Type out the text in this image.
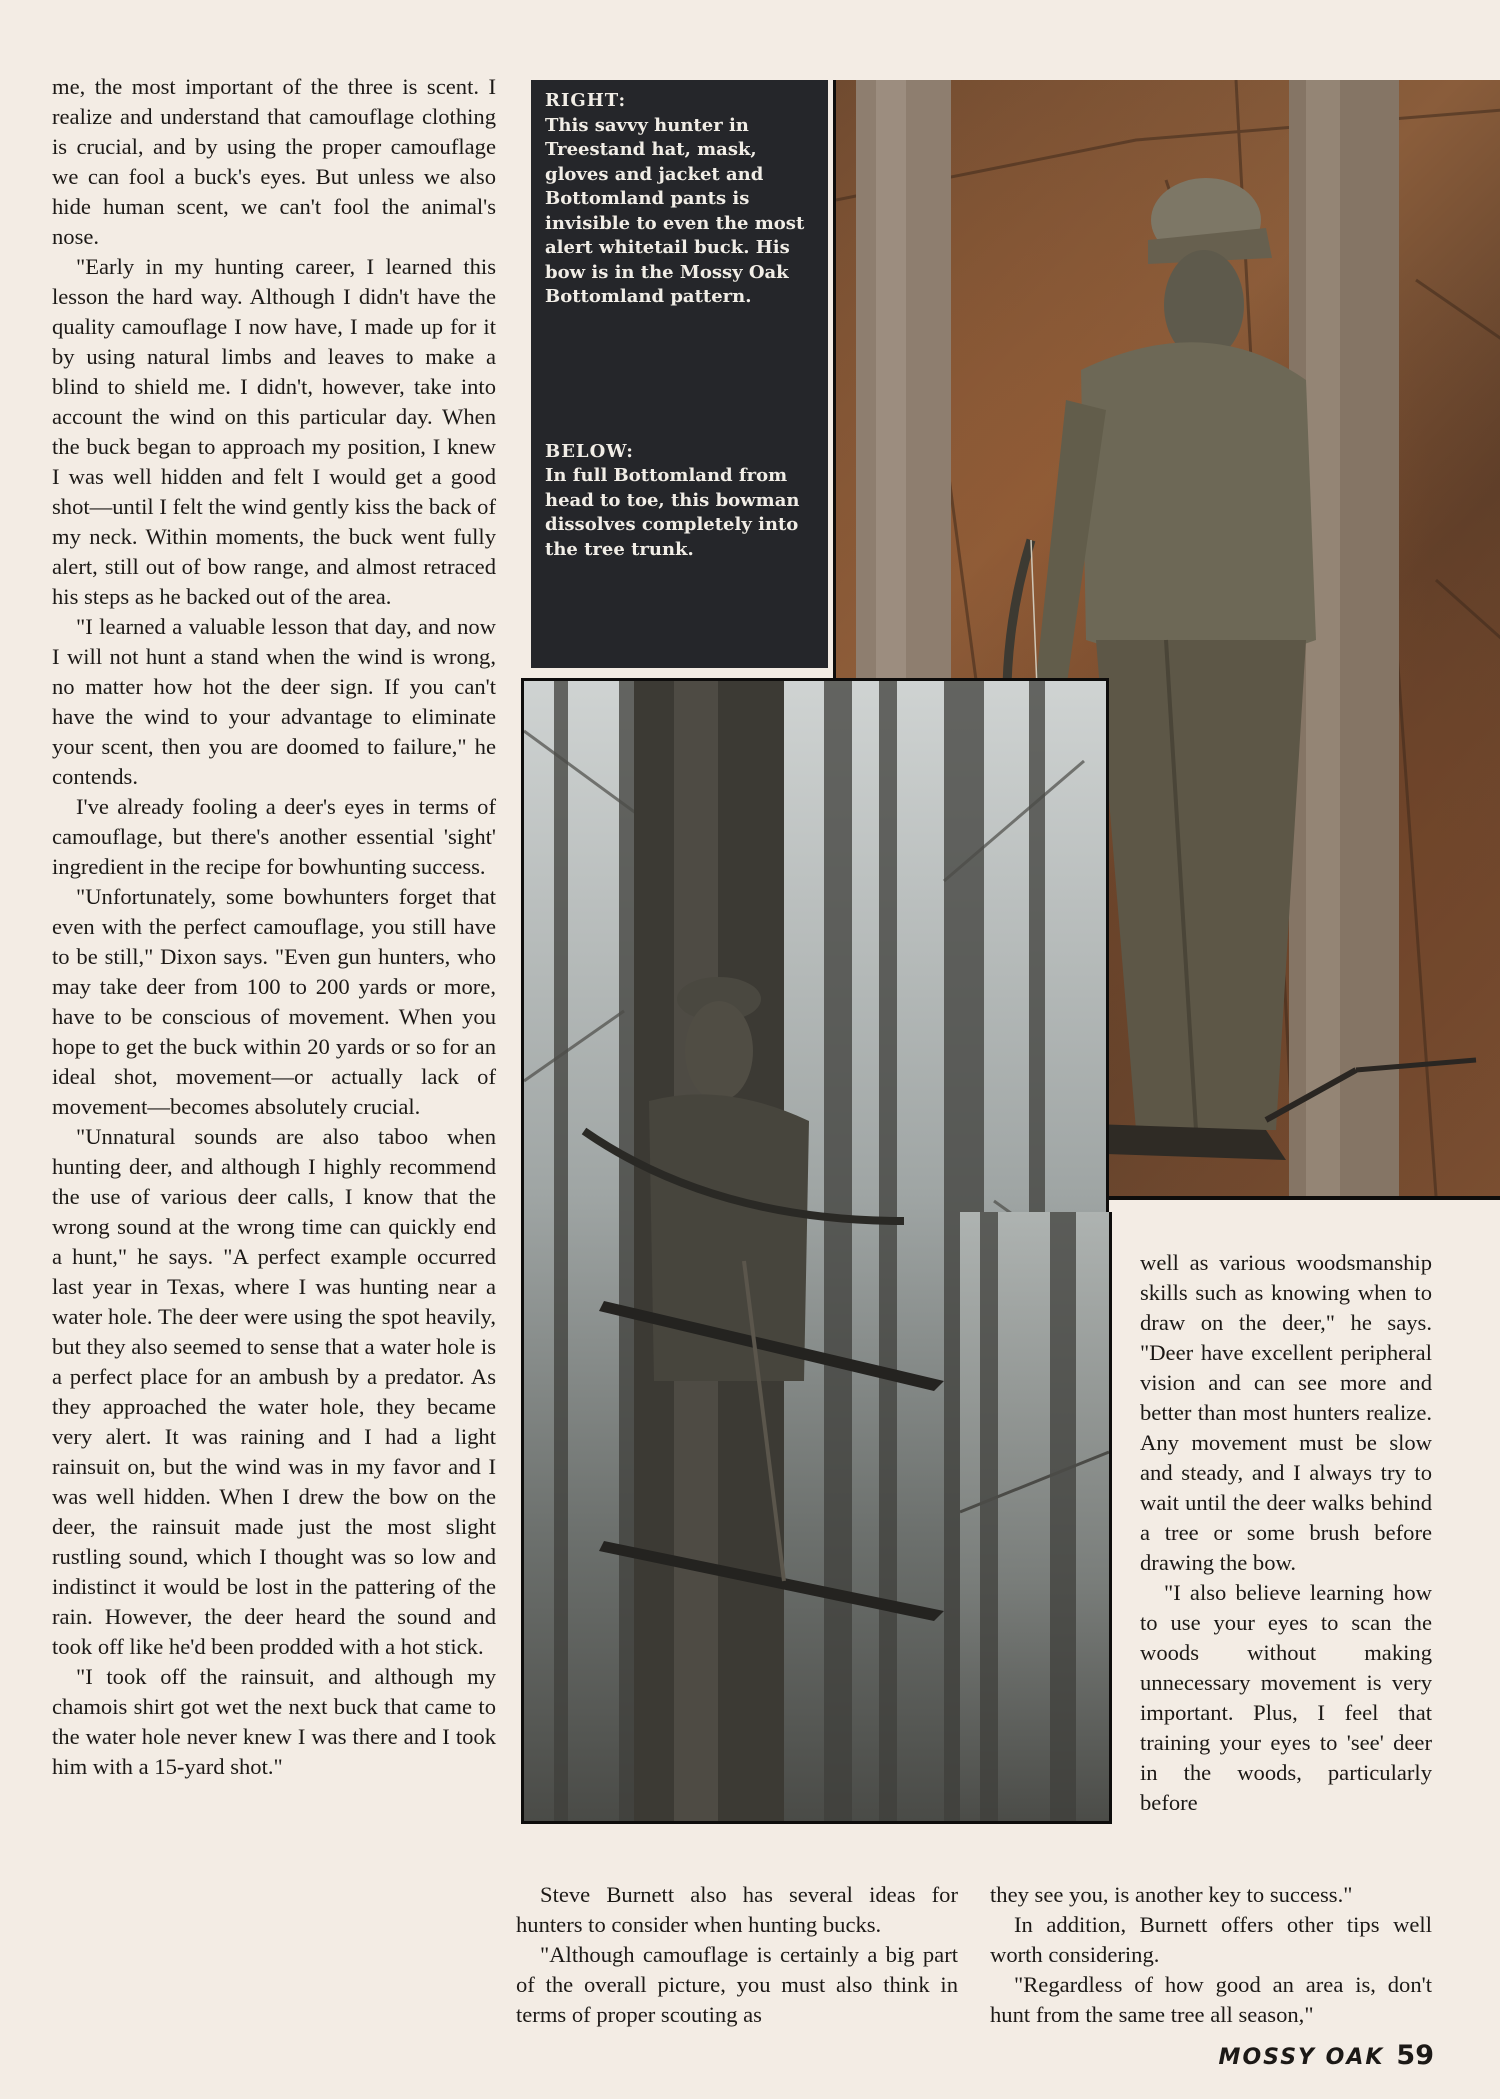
me, the most important of the three is scent. I realize and understand that camouflage clothing is crucial, and by using the proper camouflage we can fool a buck's eyes. But unless we also hide human scent, we can't fool the animal's nose.

"Early in my hunting career, I learned this lesson the hard way. Although I didn't have the quality camouflage I now have, I made up for it by using natural limbs and leaves to make a blind to shield me. I didn't, however, take into account the wind on this particular day. When the buck began to approach my position, I knew I was well hidden and felt I would get a good shot—until I felt the wind gently kiss the back of my neck. Within moments, the buck went fully alert, still out of bow range, and almost retraced his steps as he backed out of the area.

"I learned a valuable lesson that day, and now I will not hunt a stand when the wind is wrong, no matter how hot the deer sign. If you can't have the wind to your advantage to eliminate your scent, then you are doomed to failure," he contends.

I've already fooling a deer's eyes in terms of camouflage, but there's another essential 'sight' ingredient in the recipe for bowhunting success.

"Unfortunately, some bowhunters forget that even with the perfect camouflage, you still have to be still," Dixon says. "Even gun hunters, who may take deer from 100 to 200 yards or more, have to be conscious of movement. When you hope to get the buck within 20 yards or so for an ideal shot, movement—or actually lack of movement—becomes absolutely crucial.

"Unnatural sounds are also taboo when hunting deer, and although I highly recommend the use of various deer calls, I know that the wrong sound at the wrong time can quickly end a hunt," he says. "A perfect example occurred last year in Texas, where I was hunting near a water hole. The deer were using the spot heavily, but they also seemed to sense that a water hole is a perfect place for an ambush by a predator. As they approached the water hole, they became very alert. It was raining and I had a light rainsuit on, but the wind was in my favor and I was well hidden. When I drew the bow on the deer, the rainsuit made just the most slight rustling sound, which I thought was so low and indistinct it would be lost in the pattering of the rain. However, the deer heard the sound and took off like he'd been prodded with a hot stick.

"I took off the rainsuit, and although my chamois shirt got wet the next buck that came to the water hole never knew I was there and I took him with a 15-yard shot."

RIGHT:
This savvy hunter in Treestand hat, mask, gloves and jacket and Bottomland pants is invisible to even the most alert whitetail buck. His bow is in the Mossy Oak Bottomland pattern.
BELOW:
In full Bottomland from head to toe, this bowman dissolves completely into the tree trunk.

Steve Burnett also has several ideas for hunters to consider when hunting bucks.

"Although camouflage is certainly a big part of the overall picture, you must also think in terms of proper scouting as

well as various woodsmanship skills such as knowing when to draw on the deer," he says. "Deer have excellent peripheral vision and can see more and better than most hunters realize. Any movement must be slow and steady, and I always try to wait until the deer walks behind a tree or some brush before drawing the bow.

"I also believe learning how to use your eyes to scan the woods without making unnecessary movement is very important. Plus, I feel that training your eyes to 'see' deer in the woods, particularly before

they see you, is another key to success."

In addition, Burnett offers other tips well worth considering.

"Regardless of how good an area is, don't hunt from the same tree all season,"

MOSSY OAK 59
